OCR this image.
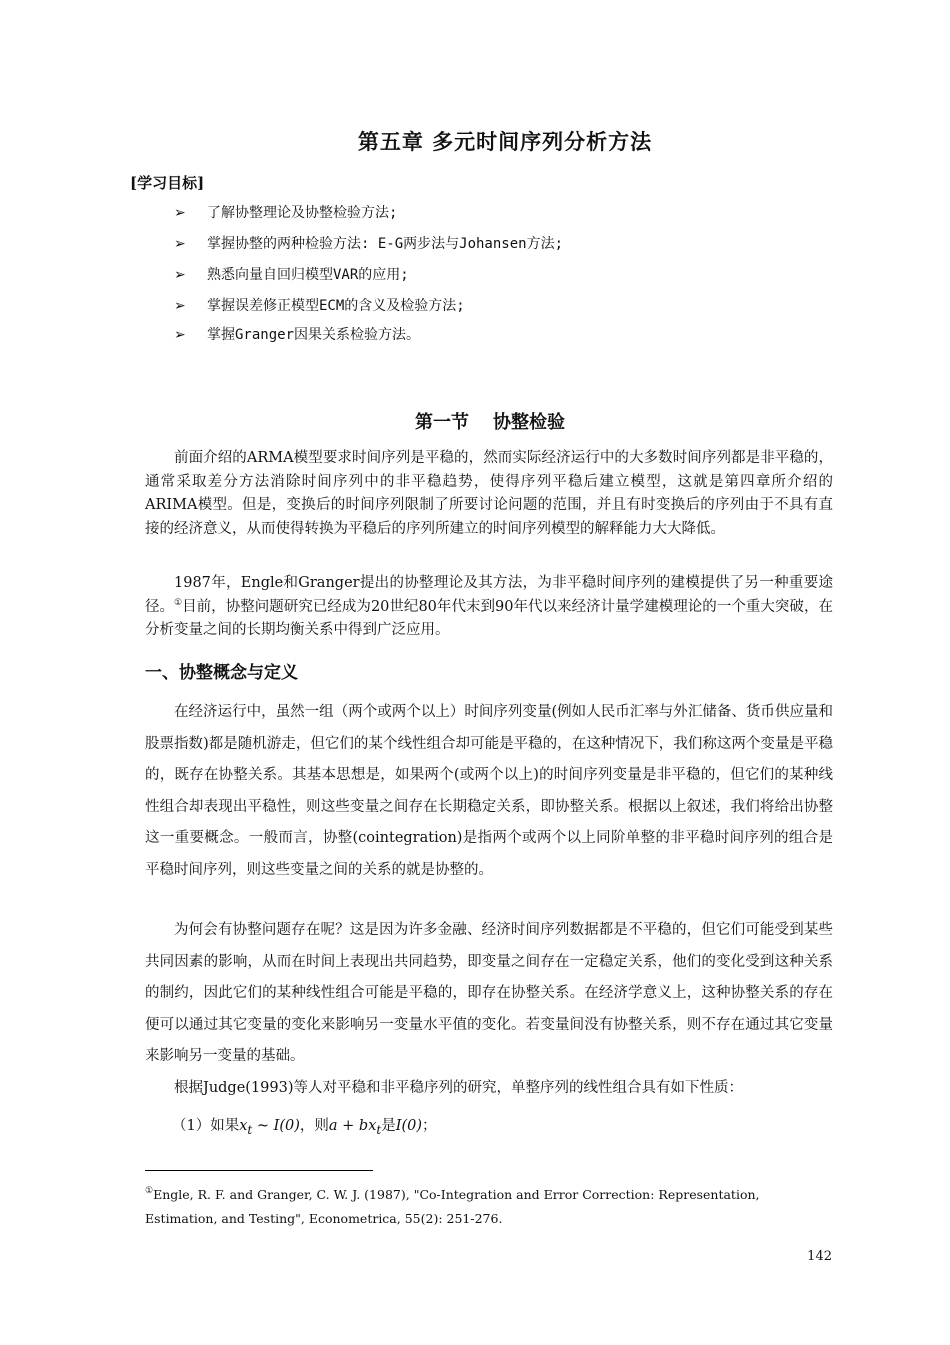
第五章 多元时间序列分析方法
[学习目标]
➢ 了解协整理论及协整检验方法;
➢ 掌握协整的两种检验方法: E-G两步法与Johansen方法;
➢ 熟悉向量自回归模型VAR的应用;
➢ 掌握误差修正模型ECM的含义及检验方法;
➢ 掌握Granger因果关系检验方法。
第一节 协整检验

前面介绍的ARMA模型要求时间序列是平稳的，然而实际经济运行中的大多数时间序列都是非平稳的，通常采取差分方法消除时间序列中的非平稳趋势，使得序列平稳后建立模型，这就是第四章所介绍的ARIMA模型。但是，变换后的时间序列限制了所要讨论问题的范围，并且有时变换后的序列由于不具有直接的经济意义，从而使得转换为平稳后的序列所建立的时间序列模型的解释能力大大降低。

1987年，Engle和Granger提出的协整理论及其方法，为非平稳时间序列的建模提供了另一种重要途径。①目前，协整问题研究已经成为20世纪80年代末到90年代以来经济计量学建模理论的一个重大突破，在分析变量之间的长期均衡关系中得到广泛应用。

一、协整概念与定义

在经济运行中，虽然一组（两个或两个以上）时间序列变量(例如人民币汇率与外汇储备、货币供应量和股票指数)都是随机游走，但它们的某个线性组合却可能是平稳的，在这种情况下，我们称这两个变量是平稳的，既存在协整关系。其基本思想是，如果两个(或两个以上)的时间序列变量是非平稳的，但它们的某种线性组合却表现出平稳性，则这些变量之间存在长期稳定关系，即协整关系。根据以上叙述，我们将给出协整这一重要概念。一般而言，协整(cointegration)是指两个或两个以上同阶单整的非平稳时间序列的组合是平稳时间序列，则这些变量之间的关系的就是协整的。

为何会有协整问题存在呢？这是因为许多金融、经济时间序列数据都是不平稳的，但它们可能受到某些共同因素的影响，从而在时间上表现出共同趋势，即变量之间存在一定稳定关系，他们的变化受到这种关系的制约，因此它们的某种线性组合可能是平稳的，即存在协整关系。在经济学意义上，这种协整关系的存在便可以通过其它变量的变化来影响另一变量水平值的变化。若变量间没有协整关系，则不存在通过其它变量来影响另一变量的基础。

根据Judge(1993)等人对平稳和非平稳序列的研究，单整序列的线性组合具有如下性质：

（1）如果$x_t$ ~ I(0)，则$a + bx_t$是I(0)；

①Engle, R. F. and Granger, C. W. J. (1987), "Co-Integration and Error Correction: Representation, Estimation, and Testing", Econometrica, 55(2): 251-276.

142
